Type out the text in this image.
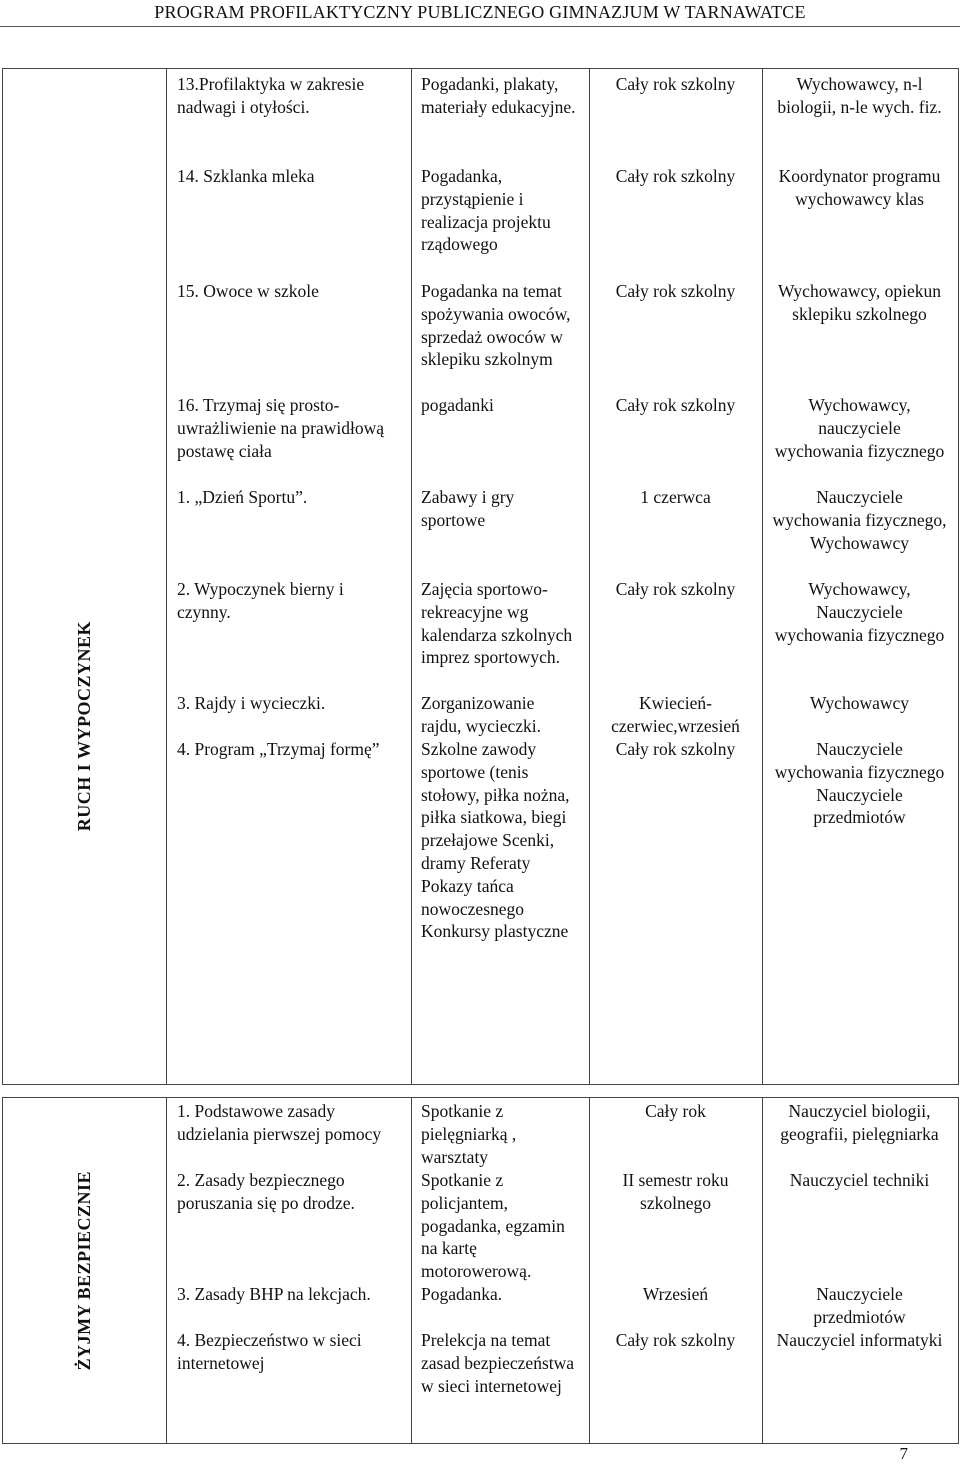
PROGRAM PROFILAKTYCZNY PUBLICZNEGO GIMNAZJUM W TARNAWATCE
RUCH I WYPOCZYNEK
13.Profilaktyka w zakresie nadwagi i otyłości.	Pogadanki, plakaty, materiały edukacyjne.	Cały rok szkolny	Wychowawcy, n-l biologii, n-le wych. fiz.
14. Szklanka mleka	Pogadanka, przystąpienie i realizacja projektu rządowego	Cały rok szkolny	Koordynator programu wychowawcy klas
15. Owoce w szkole	Pogadanka na temat spożywania owoców, sprzedaż owoców w sklepiku szkolnym	Cały rok szkolny	Wychowawcy, opiekun sklepiku szkolnego
16. Trzymaj się prosto- uwrażliwienie na prawidłową postawę ciała	pogadanki	Cały rok szkolny	Wychowawcy, nauczyciele wychowania fizycznego
1. „Dzień Sportu”.	Zabawy i gry sportowe	1 czerwca	Nauczyciele wychowania fizycznego, Wychowawcy
2. Wypoczynek bierny i czynny.	Zajęcia sportowo-rekreacyjne wg kalendarza szkolnych imprez sportowych.	Cały rok szkolny	Wychowawcy, Nauczyciele wychowania fizycznego
3. Rajdy i wycieczki.	Zorganizowanie rajdu, wycieczki.	Kwiecień- czerwiec,wrzesień	Wychowawcy
4. Program „Trzymaj formę”	Szkolne zawody sportowe (tenis stołowy, piłka nożna, piłka siatkowa, biegi przełajowe Scenki, dramy Referaty Pokazy tańca nowoczesnego Konkursy plastyczne	Cały rok szkolny	Nauczyciele wychowania fizycznego Nauczyciele przedmiotów
ŻYJMY BEZPIECZNIE
1. Podstawowe zasady udzielania pierwszej pomocy	Spotkanie z pielęgniarką , warsztaty	Cały rok	Nauczyciel biologii, geografii, pielęgniarka
2. Zasady bezpiecznego poruszania się po drodze.	Spotkanie z policjantem, pogadanka, egzamin na kartę motorowerową.	II semestr roku szkolnego	Nauczyciel techniki
3. Zasady BHP na lekcjach.	Pogadanka.	Wrzesień	Nauczyciele przedmiotów
4. Bezpieczeństwo w sieci internetowej	Prelekcja na temat zasad bezpieczeństwa w sieci internetowej	Cały rok szkolny	Nauczyciel informatyki
7
